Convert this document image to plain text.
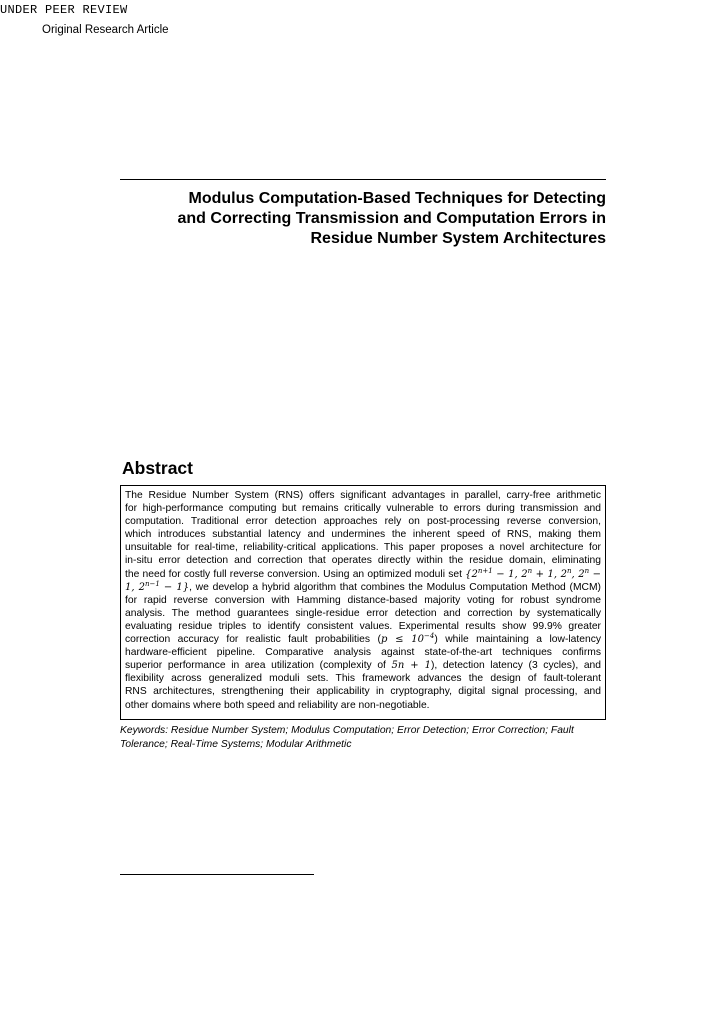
UNDER PEER REVIEW
Original Research Article
Modulus Computation-Based Techniques for Detecting
and Correcting Transmission and Computation Errors in
Residue Number System Architectures
Abstract
The Residue Number System (RNS) offers significant advantages in parallel, carry-free arithmetic
for high-performance computing but remains critically vulnerable to errors during transmission and
computation. Traditional error detection approaches rely on post-processing reverse conversion,
which introduces substantial latency and undermines the inherent speed of RNS, making them
unsuitable for real-time, reliability-critical applications. This paper proposes a novel architecture for
in-situ error detection and correction that operates directly within the residue domain, eliminating
the need for costly full reverse conversion. Using an optimized moduli set {$2^{n+1} - 1$, $2^n + 1$, 2$^n$, $2^n$ −
1, $2^{n-1} - 1$}, we develop a hybrid algorithm that combines the Modulus Computation Method (MCM)
for rapid reverse conversion with Hamming distance-based majority voting for robust syndrome
analysis. The method guarantees single-residue error detection and correction by systematically
evaluating residue triples to identify consistent values. Experimental results show 99.9% greater
correction accuracy for realistic fault probabilities $(p \le 10^{-4})$ while maintaining a low-latency
hardware-efficient pipeline. Comparative analysis against state-of-the-art techniques confirms
superior performance in area utilization (complexity of 5n + 1), detection latency (3 cycles), and
flexibility across generalized moduli sets. This framework advances the design of fault-tolerant
RNS architectures, strengthening their applicability in cryptography, digital signal processing, and
other domains where both speed and reliability are non-negotiable.
Keywords: Residue Number System; Modulus Computation; Error Detection; Error Correction; Fault
Tolerance; Real-Time Systems; Modular Arithmetic
